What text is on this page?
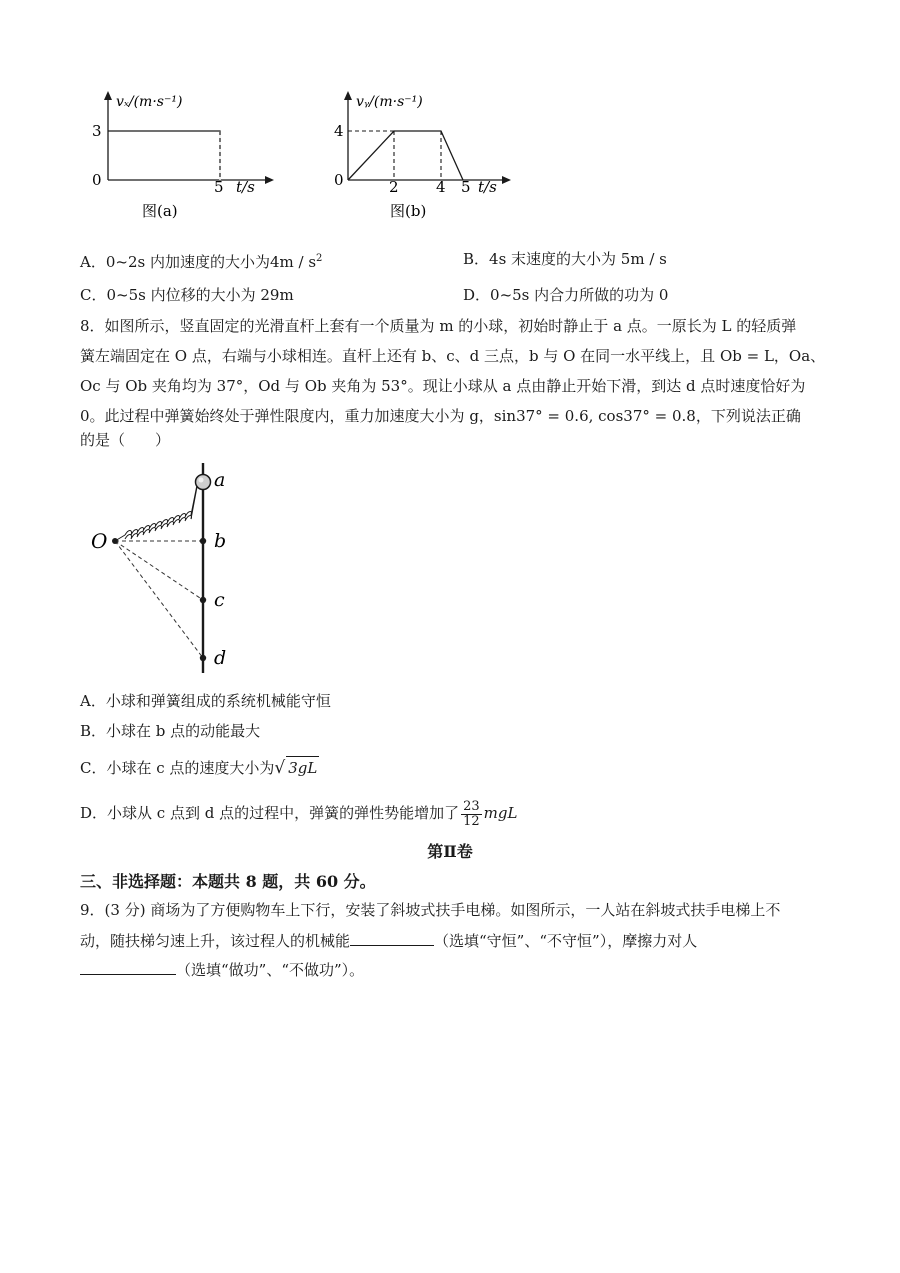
vₓ/(m·s⁻¹)
3
0	5 t/s
图(a)
vᵧ/(m·s⁻¹)
4
0	2 4 5 t/s
图(b)
A．0~2s 内加速度的大小为$4m / s^2$	B．4s 末速度的大小为 5m / s
C．0~5s 内位移的大小为 29m	D．0~5s 内合力所做的功为 0
8．如图所示，竖直固定的光滑直杆上套有一个质量为 m 的小球，初始时静止于 a 点。一原长为 L 的轻质弹
簧左端固定在 O 点，右端与小球相连。直杆上还有 b、c、d 三点，b 与 O 在同一水平线上，且 Ob = L，Oa、
Oc 与 Ob 夹角均为 37°，Od 与 Ob 夹角为 53°。现让小球从 a 点由静止开始下滑，到达 d 点时速度恰好为
0。此过程中弹簧始终处于弹性限度内，重力加速度大小为 g，sin37° = 0.6, cos37° = 0.8，下列说法正确
的是（　　）
O
a
b
c
d
A．小球和弹簧组成的系统机械能守恒
B．小球在 b 点的动能最大
C．小球在 c 点的速度大小为√ 3gL
D．小球从 c 点到 d 点的过程中，弹簧的弹性势能增加了 $\frac{23}{12}$ mgL
第Ⅱ卷
三、非选择题：本题共 8 题，共 60 分。
9．(3 分) 商场为了方便购物车上下行，安装了斜坡式扶手电梯。如图所示，一人站在斜坡式扶手电梯上不
动，随扶梯匀速上升，该过程人的机械能	（选填“守恒”、“不守恒”），摩擦力对人
（选填“做功”、“不做功”）。
